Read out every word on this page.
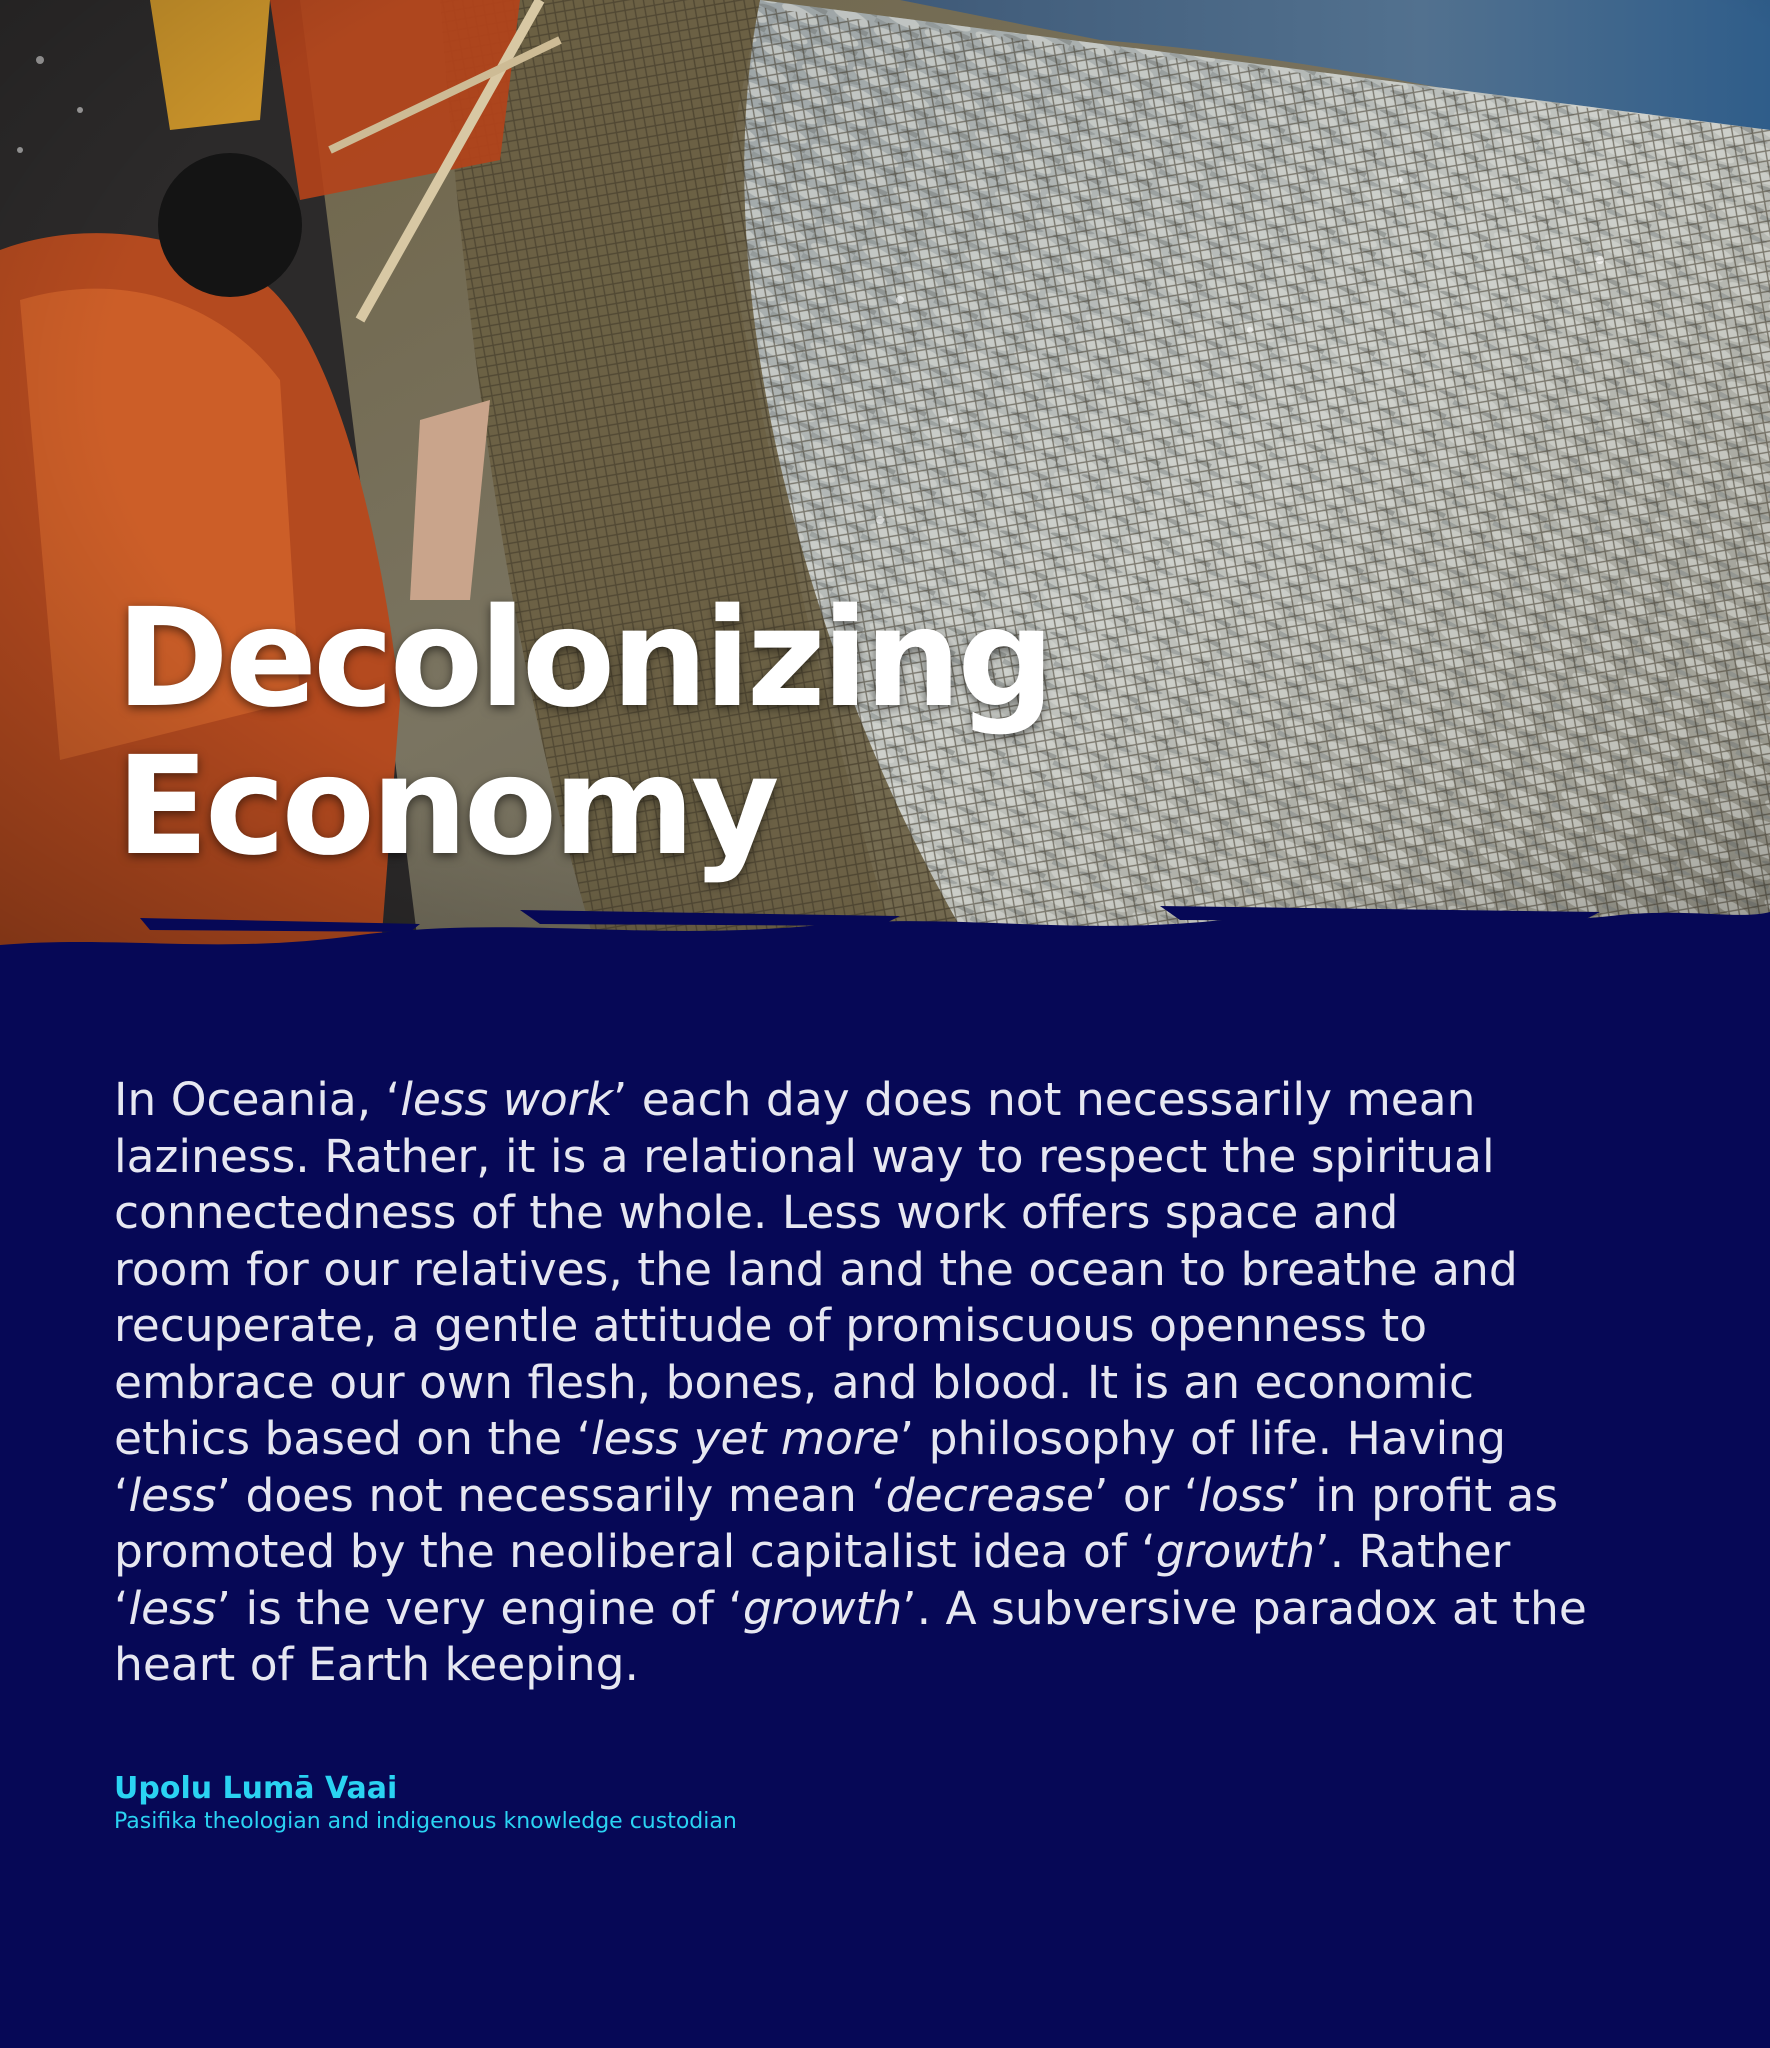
Decolonizing
Economy

In Oceania, ‘less work’ each day does not necessarily mean

laziness. Rather, it is a relational way to respect the spiritual

connectedness of the whole. Less work offers space and

room for our relatives, the land and the ocean to breathe and

recuperate, a gentle attitude of promiscuous openness to

embrace our own flesh, bones, and blood. It is an economic

ethics based on the ‘less yet more’ philosophy of life. Having

‘less’ does not necessarily mean ‘decrease’ or ‘loss’ in profit as

promoted by the neoliberal capitalist idea of ‘growth’. Rather

‘less’ is the very engine of ‘growth’. A subversive paradox at the

heart of Earth keeping.

Upolu Lumā Vaai
Pasifika theologian and indigenous knowledge custodian
